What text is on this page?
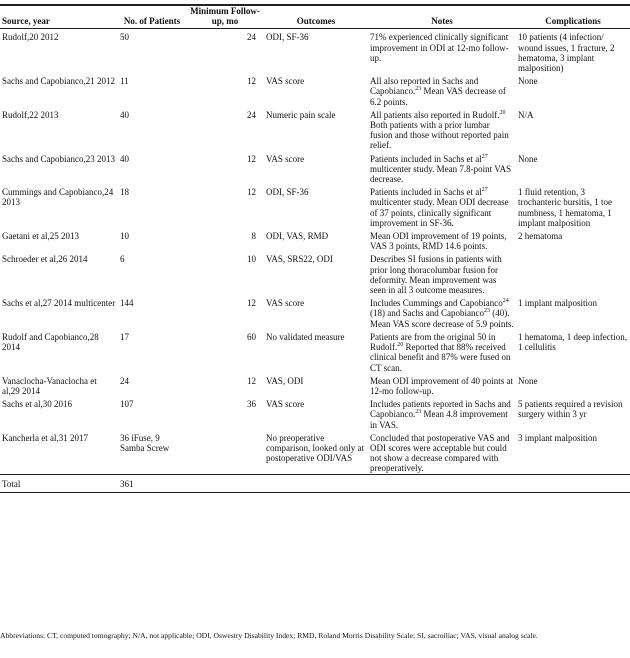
Source, year	No. of Patients	Minimum Follow-up, mo	Outcomes	Notes	Complications
Rudolf,20 2012	50	24	ODI, SF-36	71% experienced clinically significant improvement in ODI at 12-mo follow-up.	10 patients (4 infection/ wound issues, 1 fracture, 2 hematoma, 3 implant malposition)
Sachs and Capobianco,21 2012	11	12	VAS score	All also reported in Sachs and Capobianco.$^{23}$ Mean VAS decrease of 6.2 points.	None
Rudolf,22 2013	40	24	Numeric pain scale	All patients also reported in Rudolf.$^{20}$ Both patients with a prior lumbar fusion and those without reported pain relief.	N/A
Sachs and Capobianco,23 2013	40	12	VAS score	Patients included in Sachs et $al^{27}$ multicenter study. Mean 7.8-point VAS decrease.	None
Cummings and Capobianco,24 2013	18	12	ODI, SF-36	Patients included in Sachs et $al^{27}$ multicenter study. Mean ODI decrease of 37 points, clinically significant improvement in SF-36.	1 fluid retention, 3 trochanteric bursitis, 1 toe numbness, 1 hematoma, 1 implant malposition
Gaetani et al,25 2013	10	8	ODI, VAS, RMD	Mean ODI improvement of 19 points, VAS 3 points, RMD 14.6 points.	2 hematoma
Schroeder et al,26 2014	6	10	VAS, SRS22, ODI	Describes SI fusions in patients with prior long thoracolumbar fusion for deformity. Mean improvement was seen in all 3 outcome measures.	
Sachs et al,27 2014 multicenter	144	12	VAS score	Includes Cummings and Capobianco$^{24}$ (18) and Sachs and Capobianco$^{23}$ (40). Mean VAS score decrease of 5.9 points.	1 implant malposition
Rudolf and Capobianco,28 2014	17	60	No validated measure	Patients are from the original 50 in Rudolf.$^{20}$ Reported that 88% received clinical benefit and 87% were fused on CT scan.	1 hematoma, 1 deep infection, 1 cellulitis
Vanaclocha-Vanaclocha et al,29 2014	24	12	VAS, ODI	Mean ODI improvement of 40 points at 12-mo follow-up.	None
Sachs et al,30 2016	107	36	VAS score	Includes patients reported in Sachs and Capobianco.$^{23}$ Mean 4.8 improvement in VAS.	5 patients required a revision surgery within 3 yr
Kancherla et al,31 2017	36 iFuse, 9 Samba Screw		No preoperative comparison, looked only at postoperative ODI/VAS	Concluded that postoperative VAS and ODI scores were acceptable but could not show a decrease compared with preoperatively.	3 implant malposition
Total	361				
Abbreviations: CT, computed tomography; N/A, not applicable; ODI, Oswestry Disability Index; RMD, Roland Morris Disability Scale; SI, sacroiliac; VAS, visual analog scale.
